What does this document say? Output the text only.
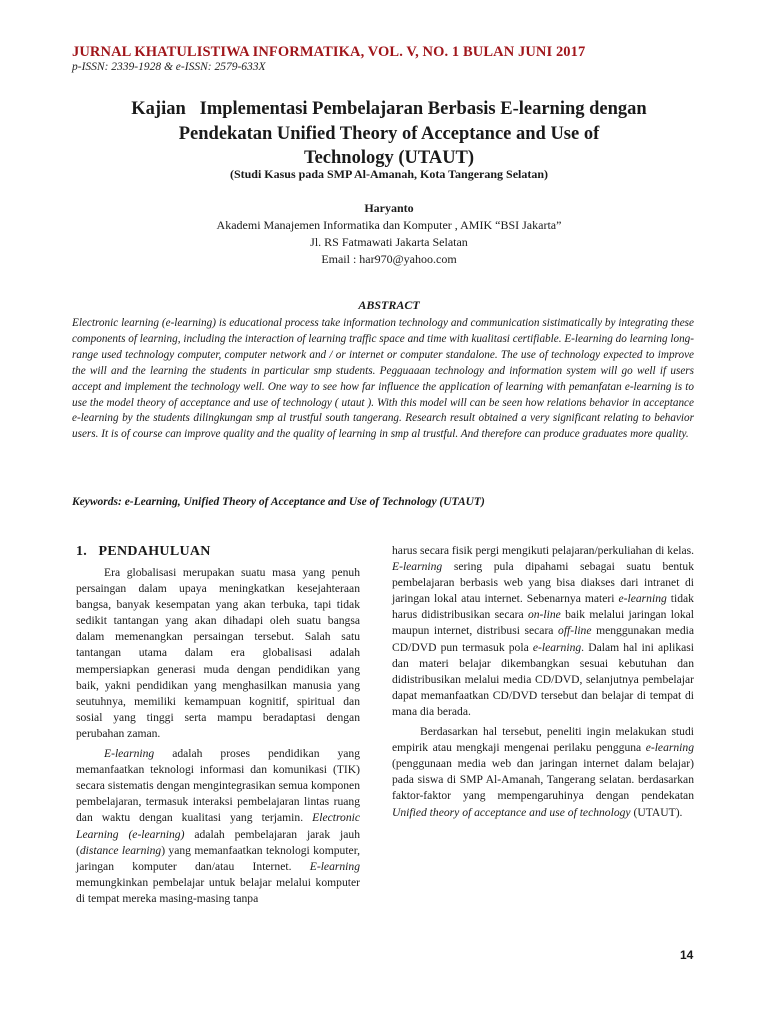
JURNAL KHATULISTIWA INFORMATIKA, VOL. V, NO. 1 BULAN JUNI 2017
p-ISSN: 2339-1928 & e-ISSN: 2579-633X
Kajian   Implementasi Pembelajaran Berbasis E-learning dengan
Pendekatan Unified Theory of Acceptance and Use of
Technology (UTAUT)
(Studi Kasus pada SMP Al-Amanah, Kota Tangerang Selatan)
Haryanto
Akademi Manajemen Informatika dan Komputer , AMIK “BSI Jakarta”
Jl. RS Fatmawati Jakarta Selatan
Email : har970@yahoo.com
ABSTRACT
Electronic learning (e-learning) is educational process take information technology and communication sistimatically by integrating these components of learning, including the interaction of learning traffic space and time with kualitasi certifiable. E-learning do learning long-range used technology computer, computer network and / or internet or computer standalone. The use of technology expected to improve the will and the learning the students in particular smp students. Pegguaaan technology and information system will go well if users accept and implement the technology well. One way to see how far influence the application of learning with pemanfatan e-learning is to use the model theory of acceptance and use of technology ( utaut ). With this model will can be seen how relations behavior in acceptance e-learning by the students dilingkungan smp al trustful south tangerang. Research result obtained a very significant relating to behavior users. It is of course can improve quality and the quality of learning in smp al trustful. And therefore can produce graduates more quality.
Keywords: e-Learning, Unified Theory of Acceptance and Use of Technology (UTAUT)
1.   PENDAHULUAN

Era globalisasi merupakan suatu masa yang penuh persaingan dalam upaya meningkatkan kesejahteraan bangsa, banyak kesempatan yang akan terbuka, tapi tidak sedikit tantangan yang akan dihadapi oleh suatu bangsa dalam memenangkan persaingan tersebut. Salah satu tantangan utama dalam era globalisasi adalah mempersiapkan generasi muda dengan pendidikan yang baik, yakni pendidikan yang menghasilkan manusia yang seutuhnya, memiliki kemampuan kognitif, spiritual dan sosial yang tinggi serta mampu beradaptasi dengan perubahan zaman.

E-learning adalah proses pendidikan yang memanfaatkan teknologi informasi dan komunikasi (TIK) secara sistematis dengan mengintegrasikan semua komponen pembelajaran, termasuk interaksi pembelajaran lintas ruang dan waktu dengan kualitasi yang terjamin. Electronic Learning (e-learning) adalah pembelajaran jarak jauh (distance learning) yang memanfaatkan teknologi komputer, jaringan komputer dan/atau Internet. E-learning memungkinkan pembelajar untuk belajar melalui komputer di tempat mereka masing-masing tanpa

harus secara fisik pergi mengikuti pelajaran/perkuliahan di kelas. E-learning sering pula dipahami sebagai suatu bentuk pembelajaran berbasis web yang bisa diakses dari intranet di jaringan lokal atau internet. Sebenarnya materi e-learning tidak harus didistribusikan secara on-line baik melalui jaringan lokal maupun internet, distribusi secara off-line menggunakan media CD/DVD pun termasuk pola e-learning. Dalam hal ini aplikasi dan materi belajar dikembangkan sesuai kebutuhan dan didistribusikan melalui media CD/DVD, selanjutnya pembelajar dapat memanfaatkan CD/DVD tersebut dan belajar di tempat di mana dia berada.

Berdasarkan hal tersebut, peneliti ingin melakukan studi empirik atau mengkaji mengenai perilaku pengguna e-learning (penggunaan media web dan jaringan internet dalam belajar) pada siswa di SMP Al-Amanah, Tangerang selatan. berdasarkan faktor-faktor yang mempengaruhinya dengan pendekatan Unified theory of acceptance and use of technology (UTAUT).

14
